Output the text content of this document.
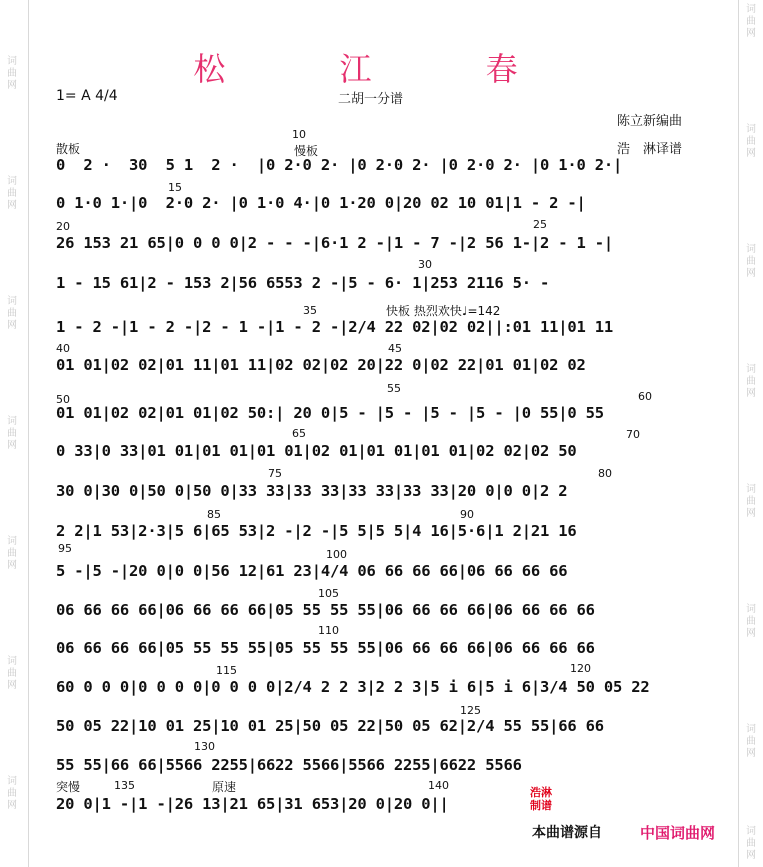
词 曲 网
词 曲 网
词 曲 网
词 曲 网
词 曲 网
词 曲 网
词 曲 网
词 曲 网
词 曲 网
词 曲 网
词 曲 网
词 曲 网
词 曲 网
词 曲 网
词 曲 网
松 江 春
1= A 4/4	二胡一分谱
陈立新编曲
浩　淋译谱
散板	慢板
快板 热烈欢快♩=142
突慢	原速
10
15
20	25
30
35
40	45
50
55
60
65	70
75	80
85	90
95	100
105
110
115	120
125
130
135	140
0  2 ·  30  5 1  2 ·  |0 2·0 2· |0 2·0 2· |0 2·0 2· |0 1·0 2·|
0 1·0 1·|0  2·0 2· |0 1·0 4·|0 1·20 0|20 02 10 01|1 - 2 -|
26 153 21 65|0 0 0 0|2 - - -|6·1 2 -|1 - 7 -|2 56 1-|2 - 1 -|
1 - 15 61|2 - 153 2|56 6553 2 -|5 - 6· 1|253 2116 5· -
1 - 2 -|1 - 2 -|2 - 1 -|1 - 2 -|2/4 22 02|02 02||:01 11|01 11
01 01|02 02|01 11|01 11|02 02|02 20|22 0|02 22|01 01|02 02
01 01|02 02|01 01|02 50:| 20 0|5 - |5 - |5 - |5 - |0 55|0 55
0 33|0 33|01 01|01 01|01 01|02 01|01 01|01 01|02 02|02 50
30 0|30 0|50 0|50 0|33 33|33 33|33 33|33 33|20 0|0 0|2 2
2 2|1 53|2·3|5 6|65 53|2 -|2 -|5 5|5 5|4 16|5·6|1 2|21 16
5 -|5 -|20 0|0 0|56 12|61 23|4/4 06 66 66 66|06 66 66 66
06 66 66 66|06 66 66 66|05 55 55 55|06 66 66 66|06 66 66 66
06 66 66 66|05 55 55 55|05 55 55 55|06 66 66 66|06 66 66 66
60 0 0 0|0 0 0 0|0 0 0 0|2/4 2 2 3|2 2 3|5 i 6|5 i 6|3/4 50 05 22
50 05 22|10 01 25|10 01 25|50 05 22|50 05 62|2/4 55 55|66 66
55 55|66 66|5566 2255|6622 5566|5566 2255|6622 5566
20 0|1 -|1 -|26 13|21 65|31 653|20 0|20 0||
浩淋制谱
本曲谱源自	中国词曲网
